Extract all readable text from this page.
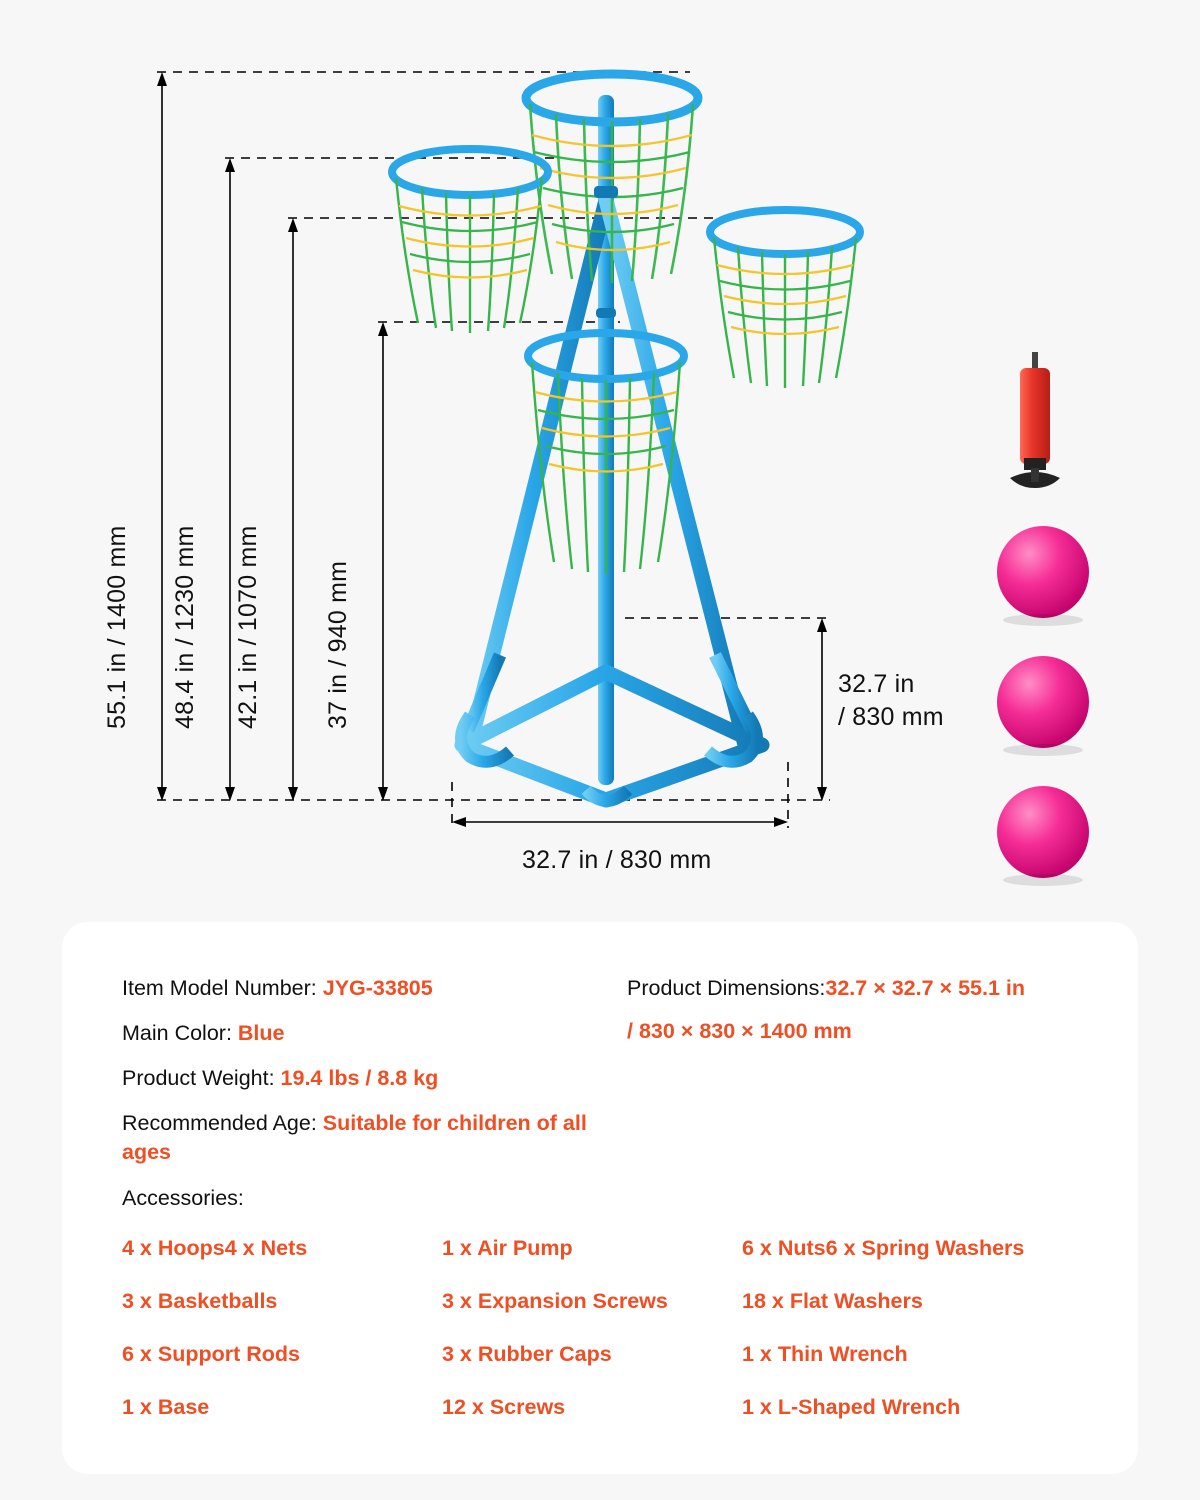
55.1 in / 1400 mm 48.4 in / 1230 mm 42.1 in / 1070 mm 37 in / 940 mm
32.7 in / 830 mm
32.7 in
/ 830 mm
Item Model Number: JYG-33805
Main Color: Blue
Product Weight: 19.4 lbs / 8.8 kg
Recommended Age: Suitable for children of all ages
Product Dimensions:32.7 × 32.7 × 55.1 in
/ 830 × 830 × 1400 mm
Accessories:
4 x Hoops4 x Nets
3 x Basketballs
6 x Support Rods
1 x Base
1 x Air Pump
3 x Expansion Screws
3 x Rubber Caps
12 x Screws
6 x Nuts6 x Spring Washers
18 x Flat Washers
1 x Thin Wrench
1 x L-Shaped Wrench
